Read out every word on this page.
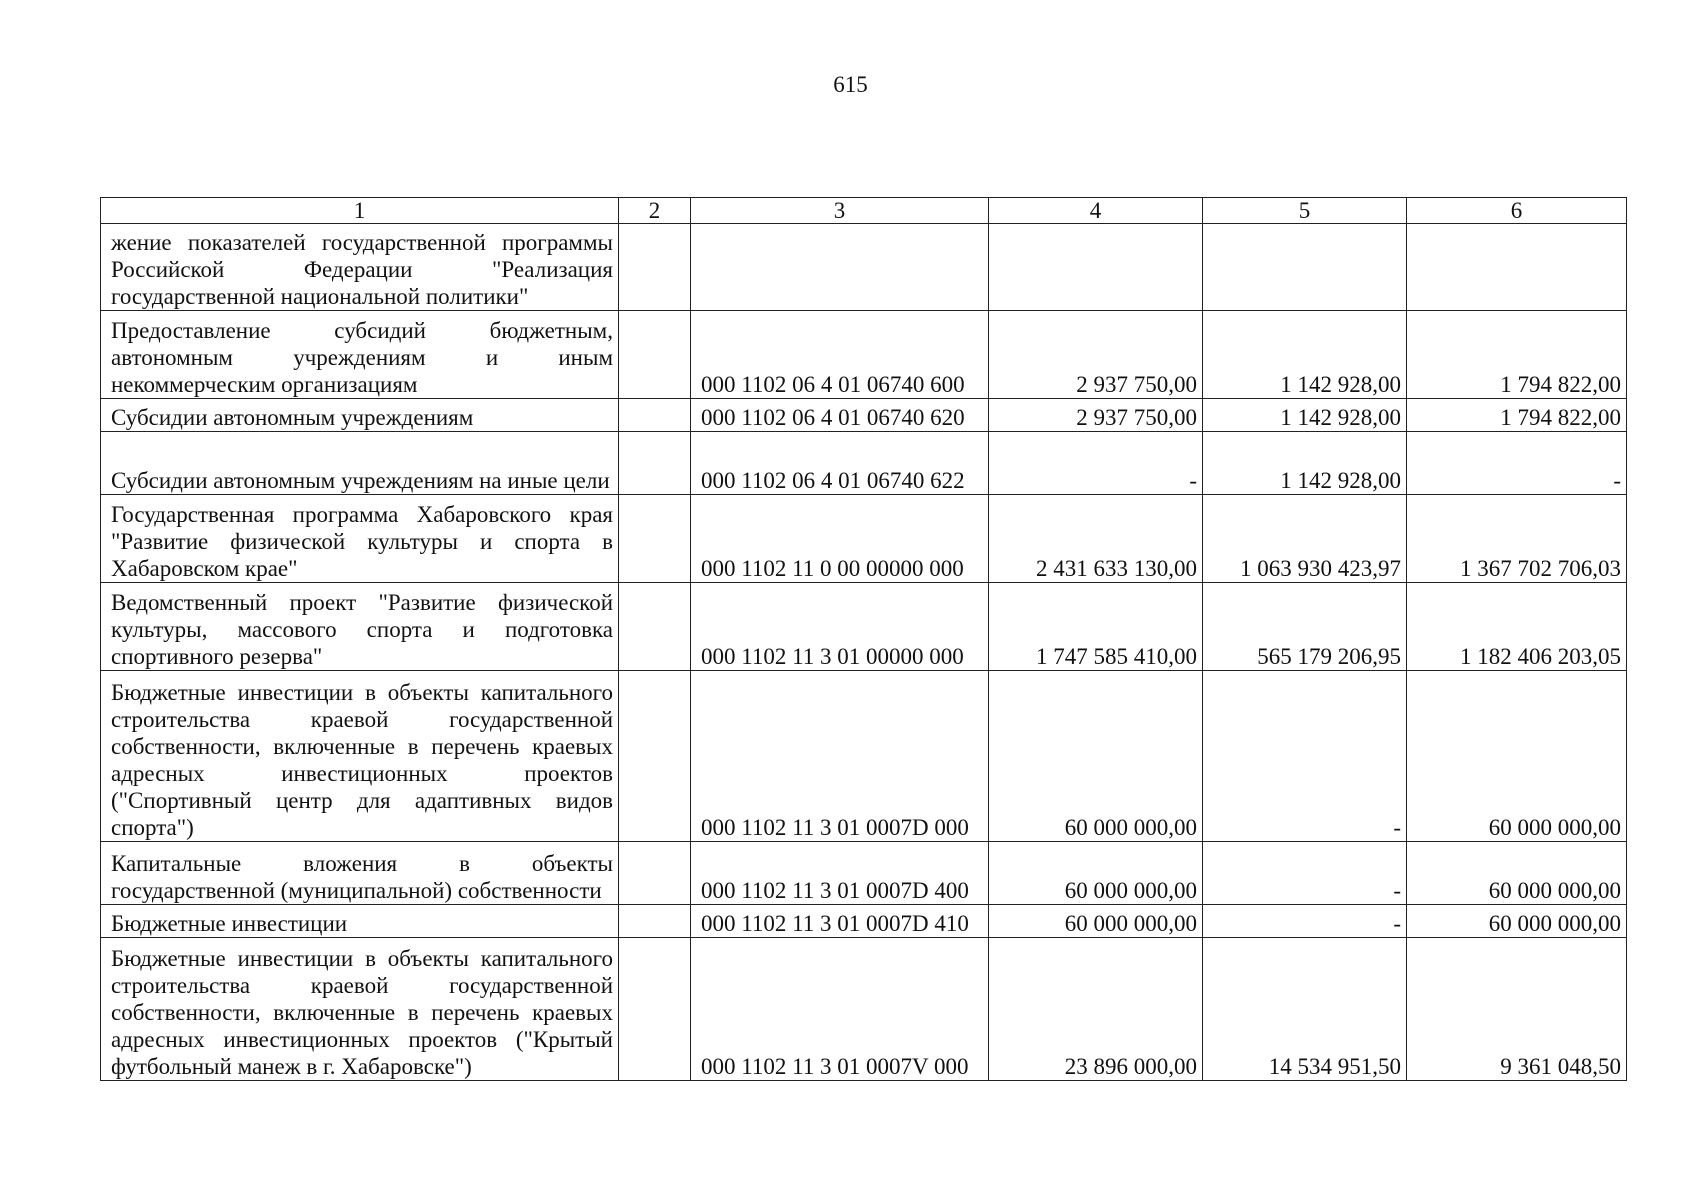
615
1	2	3	4	5	6
жение показателей государственной программы Российской Федерации "Реализация государственной национальной политики"					
Предоставление субсидий бюджетным, автономным учреждениям и иным некоммерческим организациям		000 1102 06 4 01 06740 600	2 937 750,00	1 142 928,00	1 794 822,00
Субсидии автономным учреждениям		000 1102 06 4 01 06740 620	2 937 750,00	1 142 928,00	1 794 822,00
Субсидии автономным учреждениям на иные цели		000 1102 06 4 01 06740 622	-	1 142 928,00	-
Государственная программа Хабаровского края "Развитие физической культуры и спорта в Хабаровском крае"		000 1102 11 0 00 00000 000	2 431 633 130,00	1 063 930 423,97	1 367 702 706,03
Ведомственный проект "Развитие физической культуры, массового спорта и подготовка спортивного резерва"		000 1102 11 3 01 00000 000	1 747 585 410,00	565 179 206,95	1 182 406 203,05
Бюджетные инвестиции в объекты капитального строительства краевой государственной собственности, включенные в перечень краевых адресных инвестиционных проектов ("Спортивный центр для адаптивных видов спорта")		000 1102 11 3 01 0007D 000	60 000 000,00	-	60 000 000,00
Капитальные вложения в объекты государственной (муниципальной) собственности		000 1102 11 3 01 0007D 400	60 000 000,00	-	60 000 000,00
Бюджетные инвестиции		000 1102 11 3 01 0007D 410	60 000 000,00	-	60 000 000,00
Бюджетные инвестиции в объекты капитального строительства краевой государственной собственности, включенные в перечень краевых адресных инвестиционных проектов ("Крытый футбольный манеж в г. Хабаровске")		000 1102 11 3 01 0007V 000	23 896 000,00	14 534 951,50	9 361 048,50
